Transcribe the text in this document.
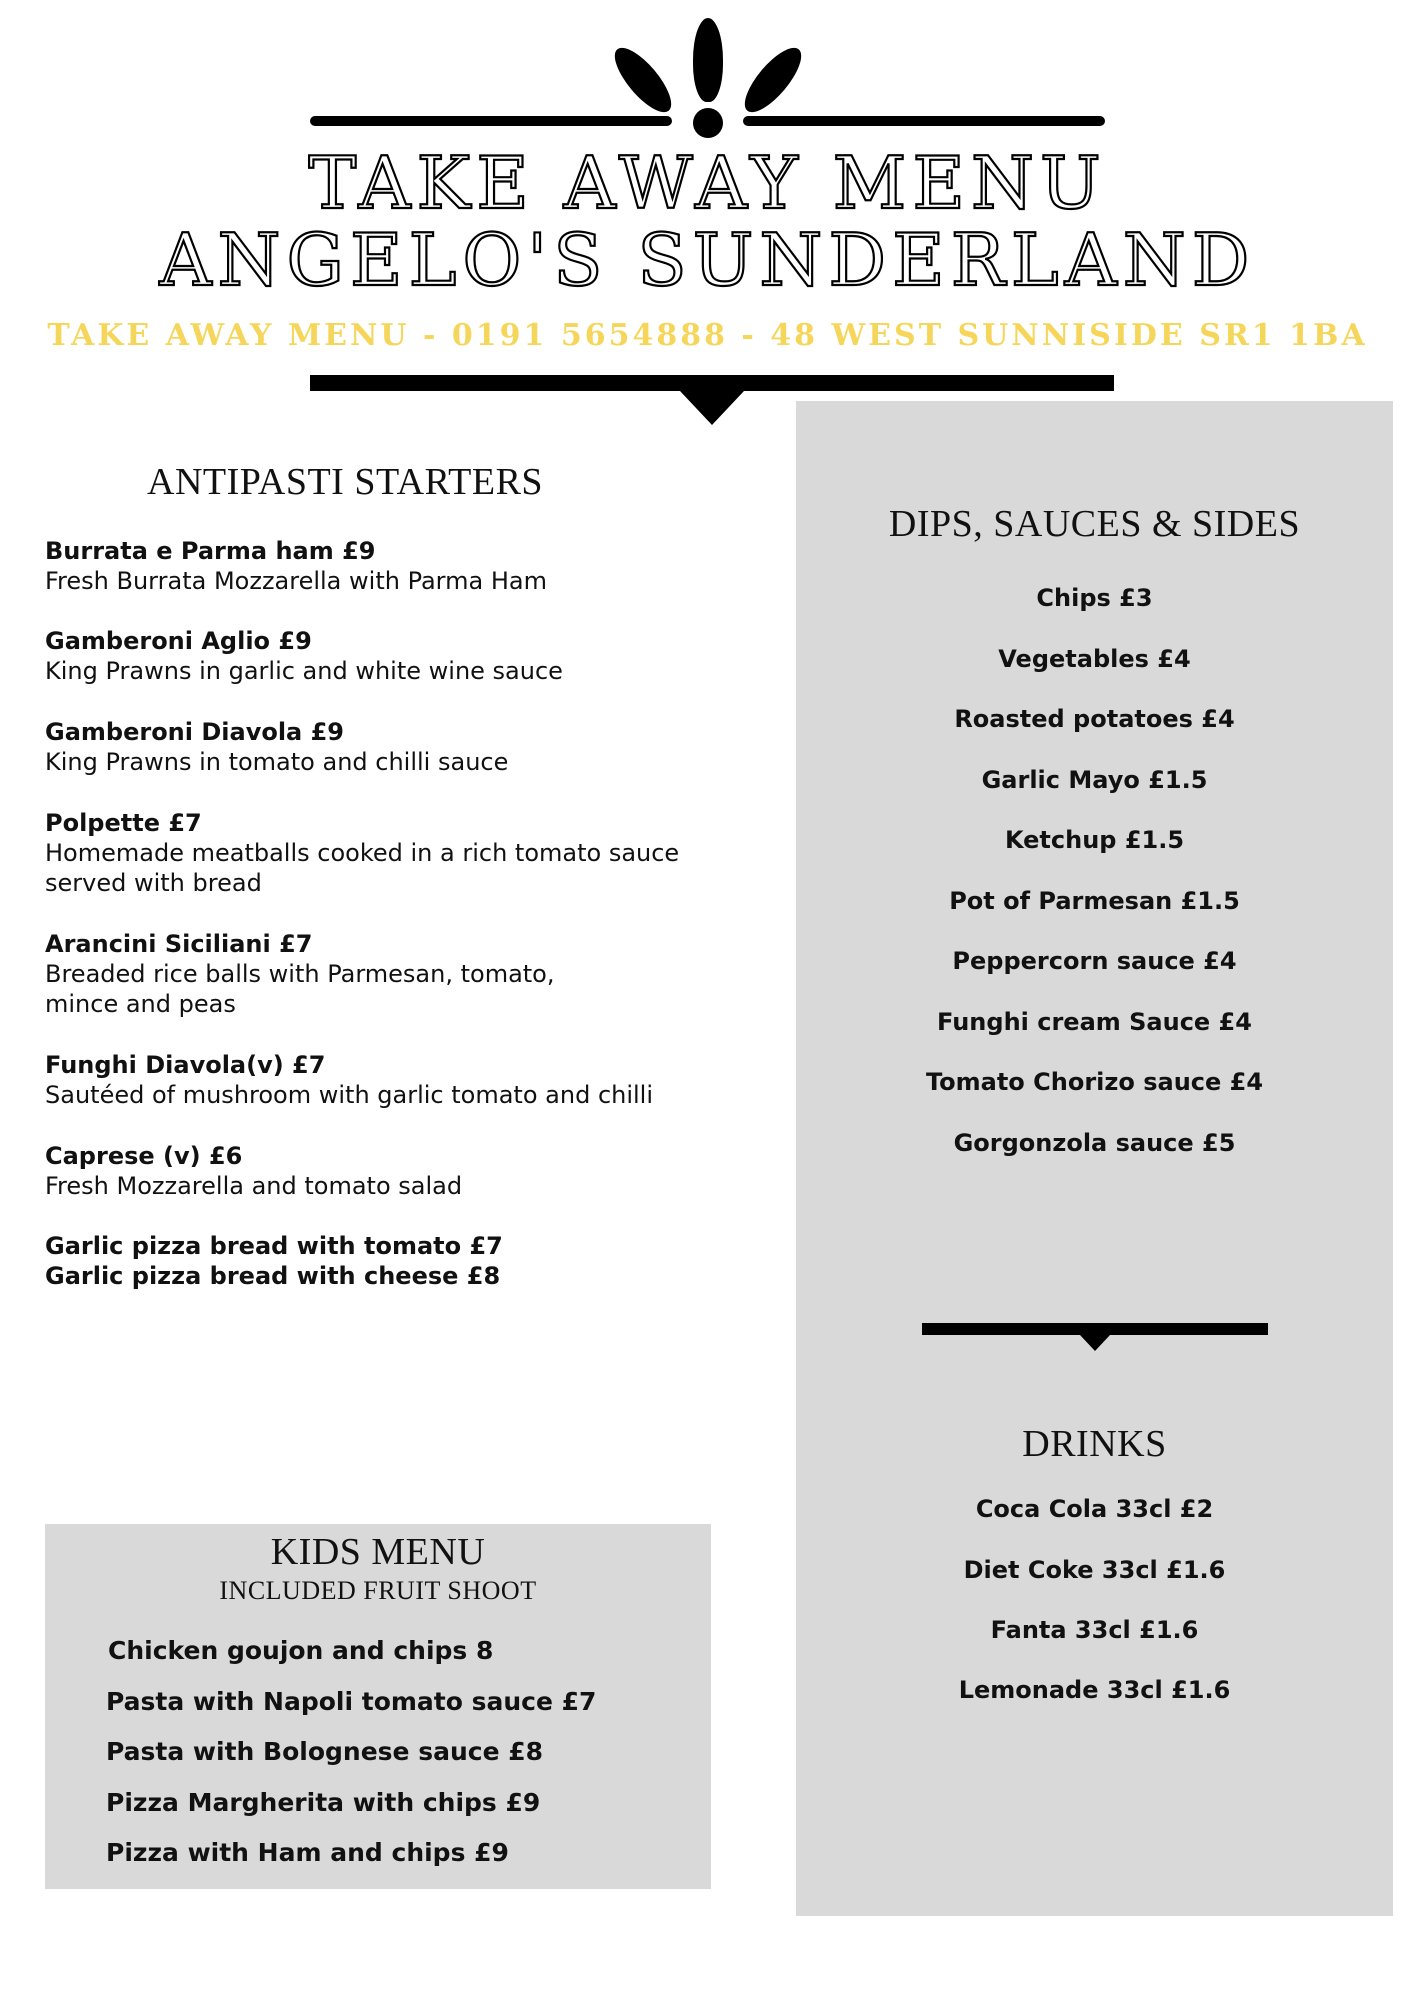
TAKE AWAY MENU
ANGELO'S SUNDERLAND
TAKE AWAY MENU - 0191 5654888 - 48 WEST SUNNISIDE SR1 1BA
ANTIPASTI STARTERS
Burrata e Parma ham £9
Fresh Burrata Mozzarella with Parma Ham
Gamberoni Aglio £9
King Prawns in garlic and white wine sauce
Gamberoni Diavola £9
King Prawns in tomato and chilli sauce
Polpette £7
Homemade meatballs cooked in a rich tomato sauce
served with bread
Arancini Siciliani £7
Breaded rice balls with Parmesan, tomato,
mince and peas
Funghi Diavola(v) £7
Sautéed of mushroom with garlic tomato and chilli
Caprese (v) £6
Fresh Mozzarella and tomato salad
Garlic pizza bread with tomato £7
Garlic pizza bread with cheese £8
DIPS, SAUCES & SIDES
Chips £3
Vegetables £4
Roasted potatoes £4
Garlic Mayo £1.5
Ketchup £1.5
Pot of Parmesan £1.5
Peppercorn sauce £4
Funghi cream Sauce £4
Tomato Chorizo sauce £4
Gorgonzola sauce £5
DRINKS
Coca Cola 33cl £2
Diet Coke 33cl £1.6
Fanta 33cl £1.6
Lemonade 33cl £1.6
KIDS MENU
INCLUDED FRUIT SHOOT
Chicken goujon and chips 8
Pasta with Napoli tomato sauce £7
Pasta with Bolognese sauce £8
Pizza Margherita with chips £9
Pizza with Ham and chips £9
